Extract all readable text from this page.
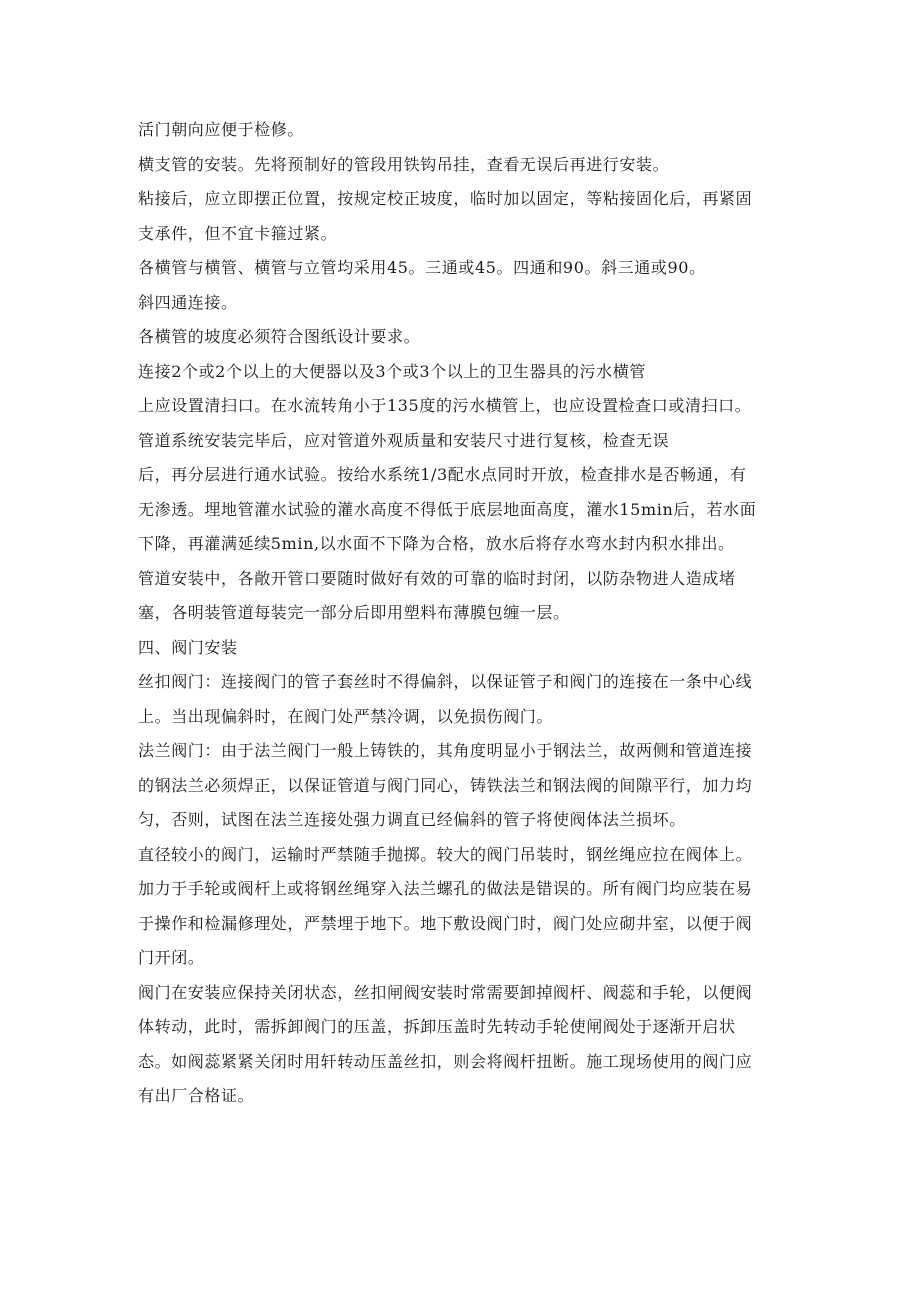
活门朝向应便于检修。
横支管的安装。先将预制好的管段用铁钩吊挂，查看无误后再进行安装。
粘接后，应立即摆正位置，按规定校正坡度，临时加以固定，等粘接固化后，再紧固
支承件，但不宜卡箍过紧。
各横管与横管、横管与立管均采用45。三通或45。四通和90。斜三通或90。
斜四通连接。
各横管的坡度必须符合图纸设计要求。
连接2个或2个以上的大便器以及3个或3个以上的卫生器具的污水横管
上应设置清扫口。在水流转角小于135度的污水横管上，也应设置检查口或清扫口。
管道系统安装完毕后，应对管道外观质量和安装尺寸进行复核，检查无误
后，再分层进行通水试验。按给水系统1/3配水点同时开放，检查排水是否畅通，有
无渗透。埋地管灌水试验的灌水高度不得低于底层地面高度，灌水15min后，若水面
下降，再灌满延续5min,以水面不下降为合格，放水后将存水弯水封内积水排出。
管道安装中，各敞开管口要随时做好有效的可靠的临时封闭，以防杂物进人造成堵
塞，各明装管道每装完一部分后即用塑料布薄膜包缠一层。
四、阀门安装
丝扣阀门：连接阀门的管子套丝时不得偏斜，以保证管子和阀门的连接在一条中心线
上。当出现偏斜时，在阀门处严禁冷调，以免损伤阀门。
法兰阀门：由于法兰阀门一般上铸铁的，其角度明显小于钢法兰，故两侧和管道连接
的钢法兰必须焊正，以保证管道与阀门同心，铸铁法兰和钢法阀的间隙平行，加力均
匀，否则，试图在法兰连接处强力调直已经偏斜的管子将使阀体法兰损坏。
直径较小的阀门，运输时严禁随手抛掷。较大的阀门吊装时，钢丝绳应拉在阀体上。
加力于手轮或阀杆上或将钢丝绳穿入法兰螺孔的做法是错误的。所有阀门均应装在易
于操作和检漏修理处，严禁埋于地下。地下敷设阀门时，阀门处应砌井室，以便于阀
门开闭。
阀门在安装应保持关闭状态，丝扣闸阀安装时常需要卸掉阀杆、阀蕊和手轮，以便阀
体转动，此时，需拆卸阀门的压盖，拆卸压盖时先转动手轮使闸阀处于逐渐开启状
态。如阀蕊紧紧关闭时用轩转动压盖丝扣，则会将阀杆扭断。施工现场使用的阀门应
有出厂合格证。
